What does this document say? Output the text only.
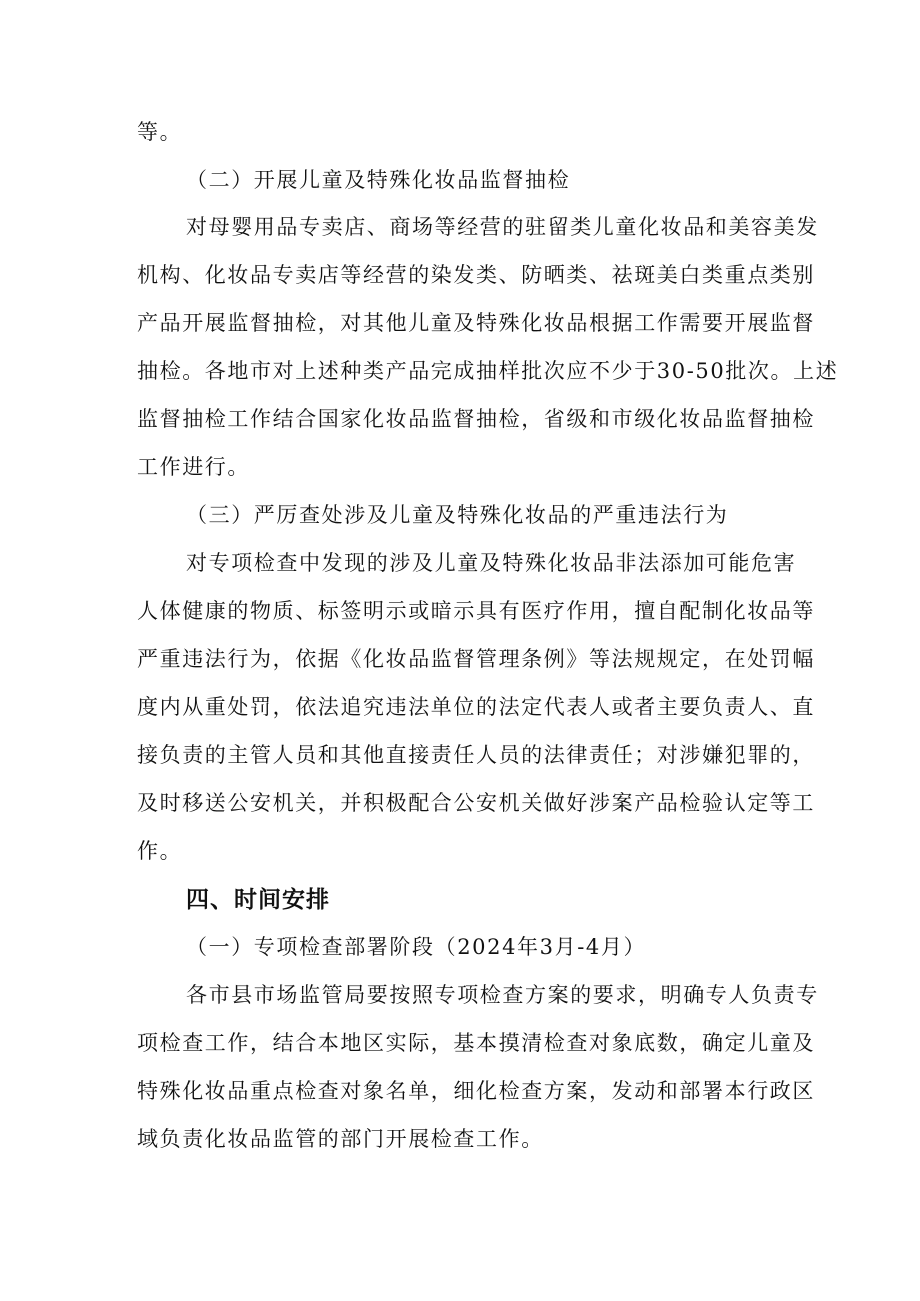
等。
（二）开展儿童及特殊化妆品监督抽检
对母婴用品专卖店、商场等经营的驻留类儿童化妆品和美容美发
机构、化妆品专卖店等经营的染发类、防晒类、祛斑美白类重点类别
产品开展监督抽检，对其他儿童及特殊化妆品根据工作需要开展监督
抽检。各地市对上述种类产品完成抽样批次应不少于30-50批次。上述
监督抽检工作结合国家化妆品监督抽检，省级和市级化妆品监督抽检
工作进行。
（三）严厉查处涉及儿童及特殊化妆品的严重违法行为
对专项检查中发现的涉及儿童及特殊化妆品非法添加可能危害
人体健康的物质、标签明示或暗示具有医疗作用，擅自配制化妆品等
严重违法行为，依据《化妆品监督管理条例》等法规规定，在处罚幅
度内从重处罚，依法追究违法单位的法定代表人或者主要负责人、直
接负责的主管人员和其他直接责任人员的法律责任；对涉嫌犯罪的，
及时移送公安机关，并积极配合公安机关做好涉案产品检验认定等工
作。
四、时间安排
（一）专项检查部署阶段（2024年3月-4月）
各市县市场监管局要按照专项检查方案的要求，明确专人负责专
项检查工作，结合本地区实际，基本摸清检查对象底数，确定儿童及
特殊化妆品重点检查对象名单，细化检查方案，发动和部署本行政区
域负责化妆品监管的部门开展检查工作。
